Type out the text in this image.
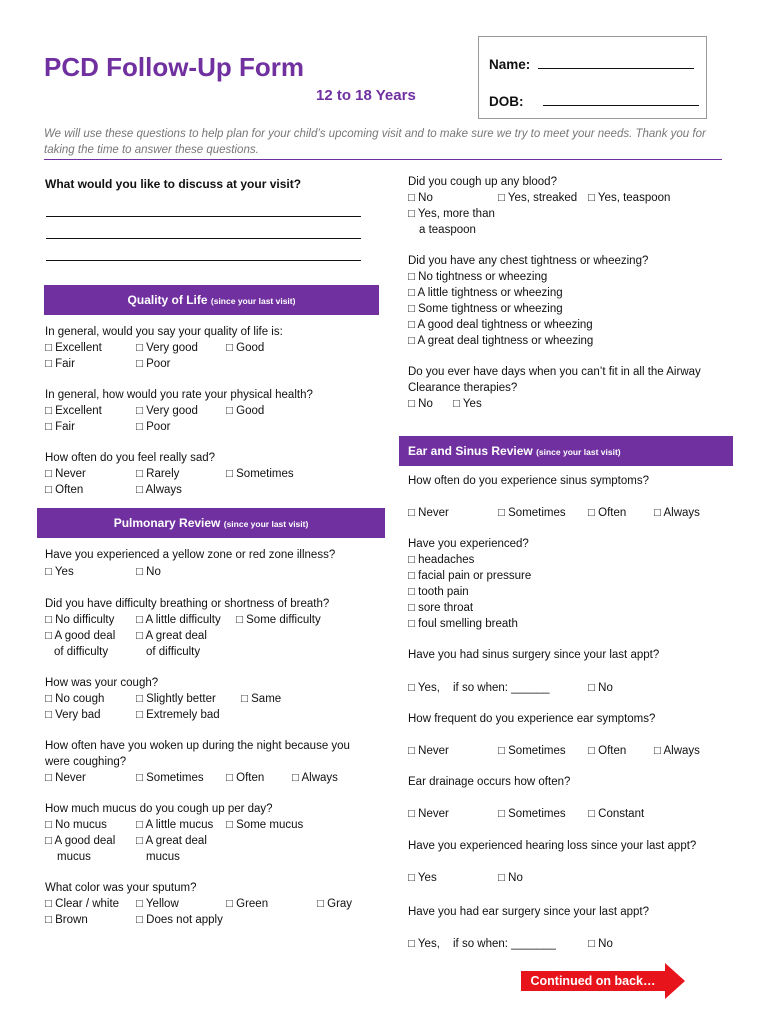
PCD Follow-Up Form
12 to 18 Years
Name:
DOB:
We will use these questions to help plan for your child’s upcoming visit and to make sure we try to meet your needs. Thank you for taking the time to answer these questions.
What would you like to discuss at your visit?
Quality of Life (since your last visit)
In general, would you say your quality of life is:
□ Excellent	□ Very good □ Good
□ Fair	□ Poor
In general, how would you rate your physical health?
□ Excellent	□ Very good □ Good
□ Fair	□ Poor
How often do you feel really sad?
□ Never	□ Rarely	□ Sometimes
□ Often	□ Always
Pulmonary Review (since your last visit)
Have you experienced a yellow zone or red zone illness?
□ Yes	□ No
Did you have difficulty breathing or shortness of breath?
□ No difficulty □ A little difficulty □ Some difficulty
□ A good deal
of difficulty
□ A great deal
of difficulty
How was your cough?
□ No cough	□ Slightly better □ Same
□ Very bad	□ Extremely bad
How often have you woken up during the night because you
were coughing?
□ Never	□ Sometimes □ Often □ Always
How much mucus do you cough up per day?
□ No mucus	□ A little mucus □ Some mucus
□ A good deal
mucus
□ A great deal
mucus
What color was your sputum?
□ Clear / white □ Yellow	□ Green	□ Gray
□ Brown	□ Does not apply
Did you cough up any blood?
□ No	□ Yes, streaked □ Yes, teaspoon
□ Yes, more than
a teaspoon
Did you have any chest tightness or wheezing?
□ No tightness or wheezing
□ A little tightness or wheezing
□ Some tightness or wheezing
□ A good deal tightness or wheezing
□ A great deal tightness or wheezing
Do you ever have days when you can’t fit in all the Airway
Clearance therapies?
□ No □ Yes
Ear and Sinus Review (since your last visit)
How often do you experience sinus symptoms?
□ Never	□ Sometimes □ Often □ Always
Have you experienced?
□ headaches
□ facial pain or pressure
□ tooth pain
□ sore throat
□ foul smelling breath
Have you had sinus surgery since your last appt?
□ Yes, if so when: ______	□ No
How frequent do you experience ear symptoms?
□ Never	□ Sometimes □ Often □ Always
Ear drainage occurs how often?
□ Never	□ Sometimes □ Constant
Have you experienced hearing loss since your last appt?
□ Yes	□ No
Have you had ear surgery since your last appt?
□ Yes, if so when: _______	□ No
Continued on back…
